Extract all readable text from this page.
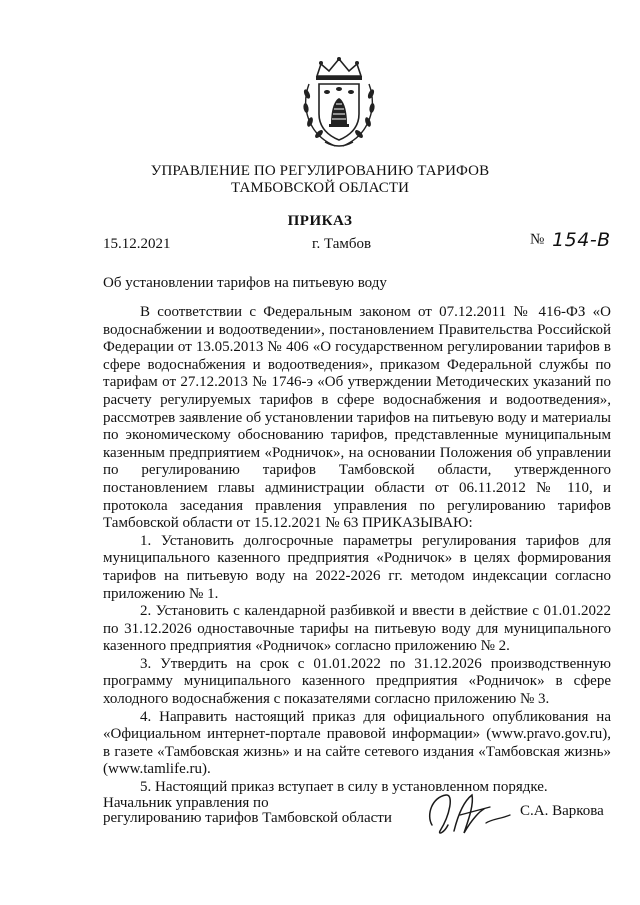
УПРАВЛЕНИЕ ПО РЕГУЛИРОВАНИЮ ТАРИФОВ
ТАМБОВСКОЙ ОБЛАСТИ
ПРИКАЗ
15.12.2021	г. Тамбов	№ 154-В
Об установлении тарифов на питьевую воду

В соответствии с Федеральным законом от 07.12.2011 № 416-ФЗ «О водоснабжении и водоотведении», постановлением Правительства Российской Федерации от 13.05.2013 № 406 «О государственном регулировании тарифов в сфере водоснабжения и водоотведения», приказом Федеральной службы по тарифам от 27.12.2013 № 1746-э «Об утверждении Методических указаний по расчету регулируемых тарифов в сфере водоснабжения и водоотведения», рассмотрев заявление об установлении тарифов на питьевую воду и материалы по экономическому обоснованию тарифов, представленные муниципальным казенным предприятием «Родничок», на основании Положения об управлении по регулированию тарифов Тамбовской области, утвержденного постановлением главы администрации области от 06.11.2012 № 110, и протокола заседания правления управления по регулированию тарифов Тамбовской области от 15.12.2021 № 63 ПРИКАЗЫВАЮ:

1. Установить долгосрочные параметры регулирования тарифов для муниципального казенного предприятия «Родничок» в целях формирования тарифов на питьевую воду на 2022-2026 гг. методом индексации согласно приложению № 1.

2. Установить с календарной разбивкой и ввести в действие с 01.01.2022 по 31.12.2026 одноставочные тарифы на питьевую воду для муниципального казенного предприятия «Родничок» согласно приложению № 2.

3. Утвердить на срок с 01.01.2022 по 31.12.2026 производственную программу муниципального казенного предприятия «Родничок» в сфере холодного водоснабжения с показателями согласно приложению № 3.

4. Направить настоящий приказ для официального опубликования на «Официальном интернет-портале правовой информации» (www.pravo.gov.ru), в газете «Тамбовская жизнь» и на сайте сетевого издания «Тамбовская жизнь» (www.tamlife.ru).

5. Настоящий приказ вступает в силу в установленном порядке.

Начальник управления по
регулированию тарифов Тамбовской области	С.А. Варкова
